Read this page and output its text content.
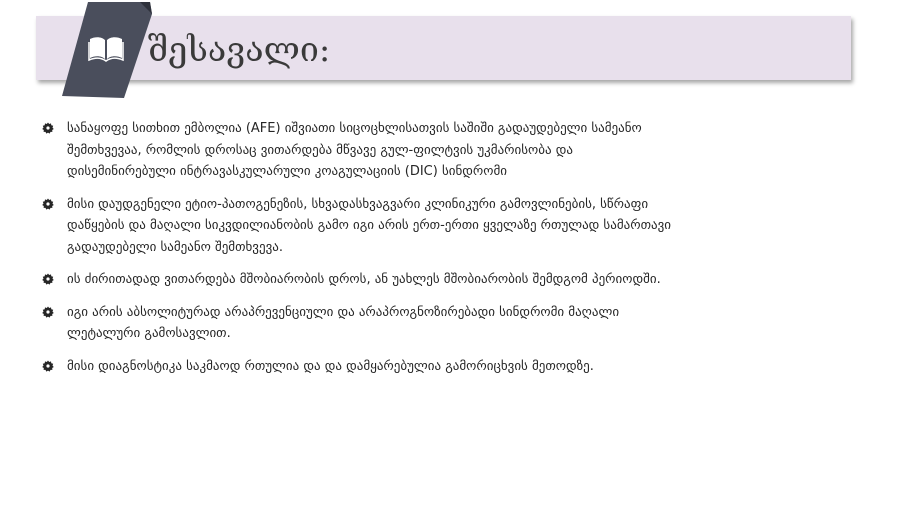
შესავალი:
სანაყოფე სითხით ემბოლია (AFE) იშვიათი სიცოცხლისათვის საშიში გადაუდებელი სამეანო შემთხვევაა, რომლის დროსაც ვითარდება მწვავე გულ-ფილტვის უკმარისობა და დისემინირებული ინტრავასკულარული კოაგულაციის (DIC) სინდრომი
მისი დაუდგენელი ეტიო-პათოგენეზის, სხვადასხვაგვარი კლინიკური გამოვლინების, სწრაფი დაწყების და მაღალი სიკვდილიანობის გამო იგი არის ერთ-ერთი ყველაზე რთულად სამართავი გადაუდებელი სამეანო შემთხვევა.
ის ძირითადად ვითარდება მშობიარობის დროს, ან უახლეს მშობიარობის შემდგომ პერიოდში.
იგი არის აბსოლიტურად არაპრევენციული და არაპროგნოზირებადი სინდრომი მაღალი ლეტალური გამოსავლით.
მისი დიაგნოსტიკა საკმაოდ რთულია და და დამყარებულია გამორიცხვის მეთოდზე.
